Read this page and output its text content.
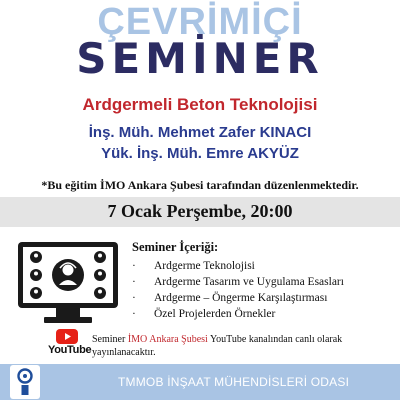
ÇEVRİMİÇİ
SEMİNER
Ardgermeli Beton Teknolojisi
İnş. Müh. Mehmet Zafer KINACI
Yük. İnş. Müh. Emre AKYÜZ
*Bu eğitim İMO Ankara Şubesi tarafından düzenlenmektedir.
7 Ocak Perşembe, 20:00
Seminer İçeriği:
· Ardgerme Teknolojisi
· Ardgerme Tasarım ve Uygulama Esasları
· Ardgerme – Öngerme Karşılaştırması
· Özel Projelerden Örnekler
YouTube
Seminer İMO Ankara Şubesi YouTube kanalından canlı olarak yayınlanacaktır.
TMMOB İNŞAAT MÜHENDİSLERİ ODASI
